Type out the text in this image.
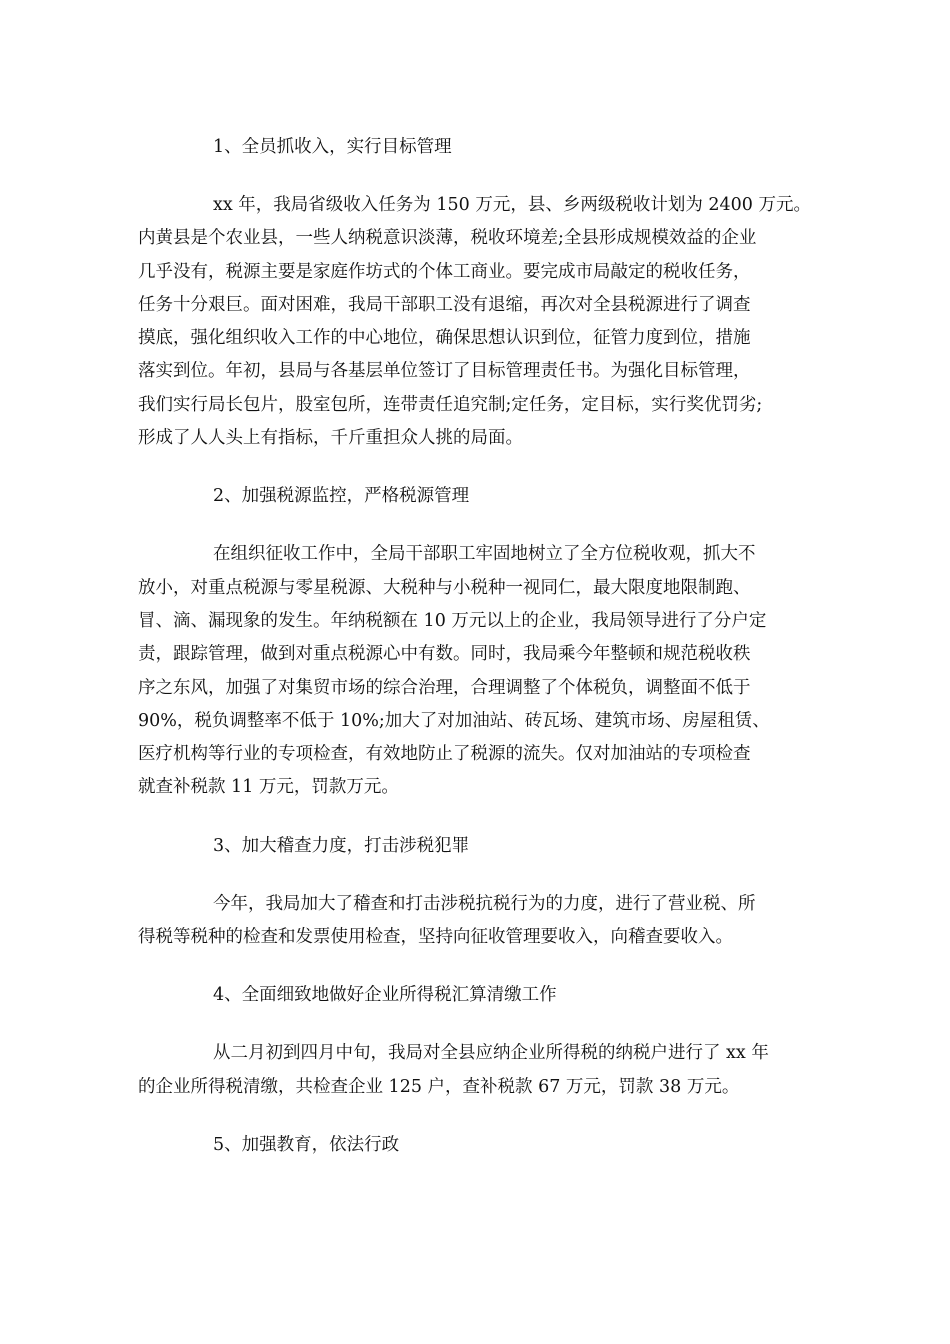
1、全员抓收入，实行目标管理

xx 年，我局省级收入任务为 150 万元，县、乡两级税收计划为 2400 万元。
内黄县是个农业县，一些人纳税意识淡薄，税收环境差;全县形成规模效益的企业
几乎没有，税源主要是家庭作坊式的个体工商业。要完成市局敲定的税收任务，
任务十分艰巨。面对困难，我局干部职工没有退缩，再次对全县税源进行了调查
摸底，强化组织收入工作的中心地位，确保思想认识到位，征管力度到位，措施
落实到位。年初，县局与各基层单位签订了目标管理责任书。为强化目标管理，
我们实行局长包片，股室包所，连带责任追究制;定任务，定目标，实行奖优罚劣;
形成了人人头上有指标，千斤重担众人挑的局面。

2、加强税源监控，严格税源管理

在组织征收工作中，全局干部职工牢固地树立了全方位税收观，抓大不
放小，对重点税源与零星税源、大税种与小税种一视同仁，最大限度地限制跑、
冒、滴、漏现象的发生。年纳税额在 10 万元以上的企业，我局领导进行了分户定
责，跟踪管理，做到对重点税源心中有数。同时，我局乘今年整顿和规范税收秩
序之东风，加强了对集贸市场的综合治理，合理调整了个体税负，调整面不低于
90%，税负调整率不低于 10%;加大了对加油站、砖瓦场、建筑市场、房屋租赁、
医疗机构等行业的专项检查，有效地防止了税源的流失。仅对加油站的专项检查
就查补税款 11 万元，罚款万元。

3、加大稽查力度，打击涉税犯罪

今年，我局加大了稽查和打击涉税抗税行为的力度，进行了营业税、所
得税等税种的检查和发票使用检查，坚持向征收管理要收入，向稽查要收入。

4、全面细致地做好企业所得税汇算清缴工作

从二月初到四月中旬，我局对全县应纳企业所得税的纳税户进行了 xx 年
的企业所得税清缴，共检查企业 125 户，查补税款 67 万元，罚款 38 万元。

5、加强教育，依法行政
